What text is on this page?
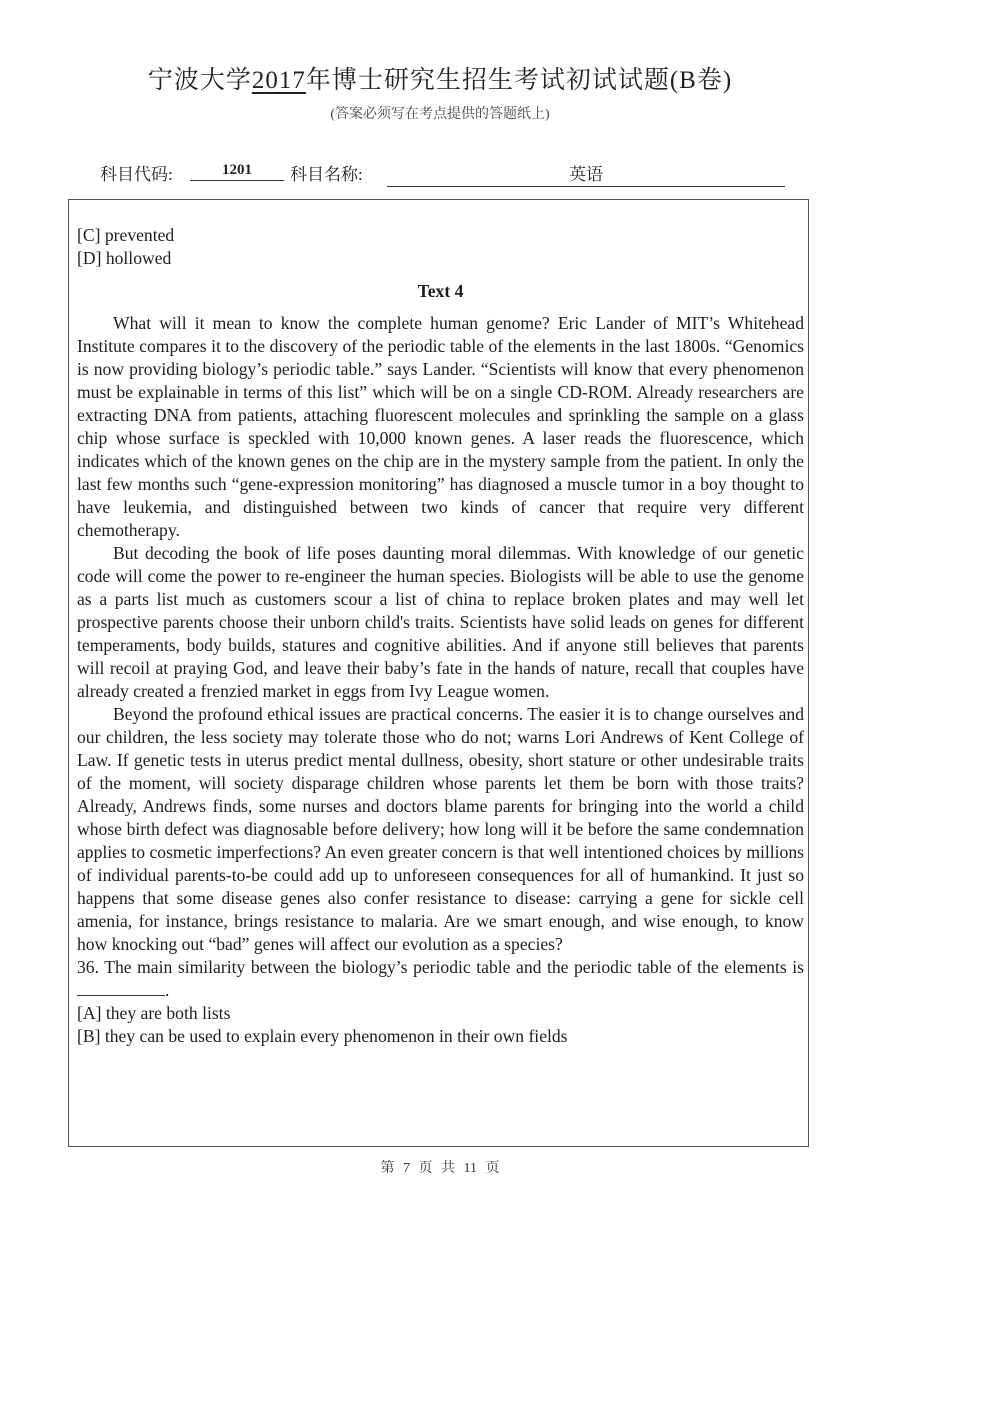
宁波大学2017年博士研究生招生考试初试试题(B卷)
(答案必须写在考点提供的答题纸上)
科目代码:	1201	科目名称:	英语

[C] prevented

[D] hollowed

Text 4

What will it mean to know the complete human genome? Eric Lander of MIT’s Whitehead Institute compares it to the discovery of the periodic table of the elements in the last 1800s. “Genomics is now providing biology’s periodic table.” says Lander. “Scientists will know that every phenomenon must be explainable in terms of this list” which will be on a single CD-ROM. Already researchers are extracting DNA from patients, attaching fluorescent molecules and sprinkling the sample on a glass chip whose surface is speckled with 10,000 known genes. A laser reads the fluorescence, which indicates which of the known genes on the chip are in the mystery sample from the patient. In only the last few months such “gene-expression monitoring” has diagnosed a muscle tumor in a boy thought to have leukemia, and distinguished between two kinds of cancer that require very different chemotherapy.

But decoding the book of life poses daunting moral dilemmas. With knowledge of our genetic code will come the power to re-engineer the human species. Biologists will be able to use the genome as a parts list much as customers scour a list of china to replace broken plates and may well let prospective parents choose their unborn child's traits. Scientists have solid leads on genes for different temperaments, body builds, statures and cognitive abilities. And if anyone still believes that parents will recoil at praying God, and leave their baby’s fate in the hands of nature, recall that couples have already created a frenzied market in eggs from Ivy League women.

Beyond the profound ethical issues are practical concerns. The easier it is to change ourselves and our children, the less society may tolerate those who do not; warns Lori Andrews of Kent College of Law. If genetic tests in uterus predict mental dullness, obesity, short stature or other undesirable traits of the moment, will society disparage children whose parents let them be born with those traits? Already, Andrews finds, some nurses and doctors blame parents for bringing into the world a child whose birth defect was diagnosable before delivery; how long will it be before the same condemnation applies to cosmetic imperfections? An even greater concern is that well intentioned choices by millions of individual parents-to-be could add up to unforeseen consequences for all of humankind. It just so happens that some disease genes also confer resistance to disease: carrying a gene for sickle cell amenia, for instance, brings resistance to malaria. Are we smart enough, and wise enough, to know how knocking out “bad” genes will affect our evolution as a species?

36. The main similarity between the biology’s periodic table and the periodic table of the elements is .

[A] they are both lists

[B] they can be used to explain every phenomenon in their own fields

第 7 页 共 11 页
